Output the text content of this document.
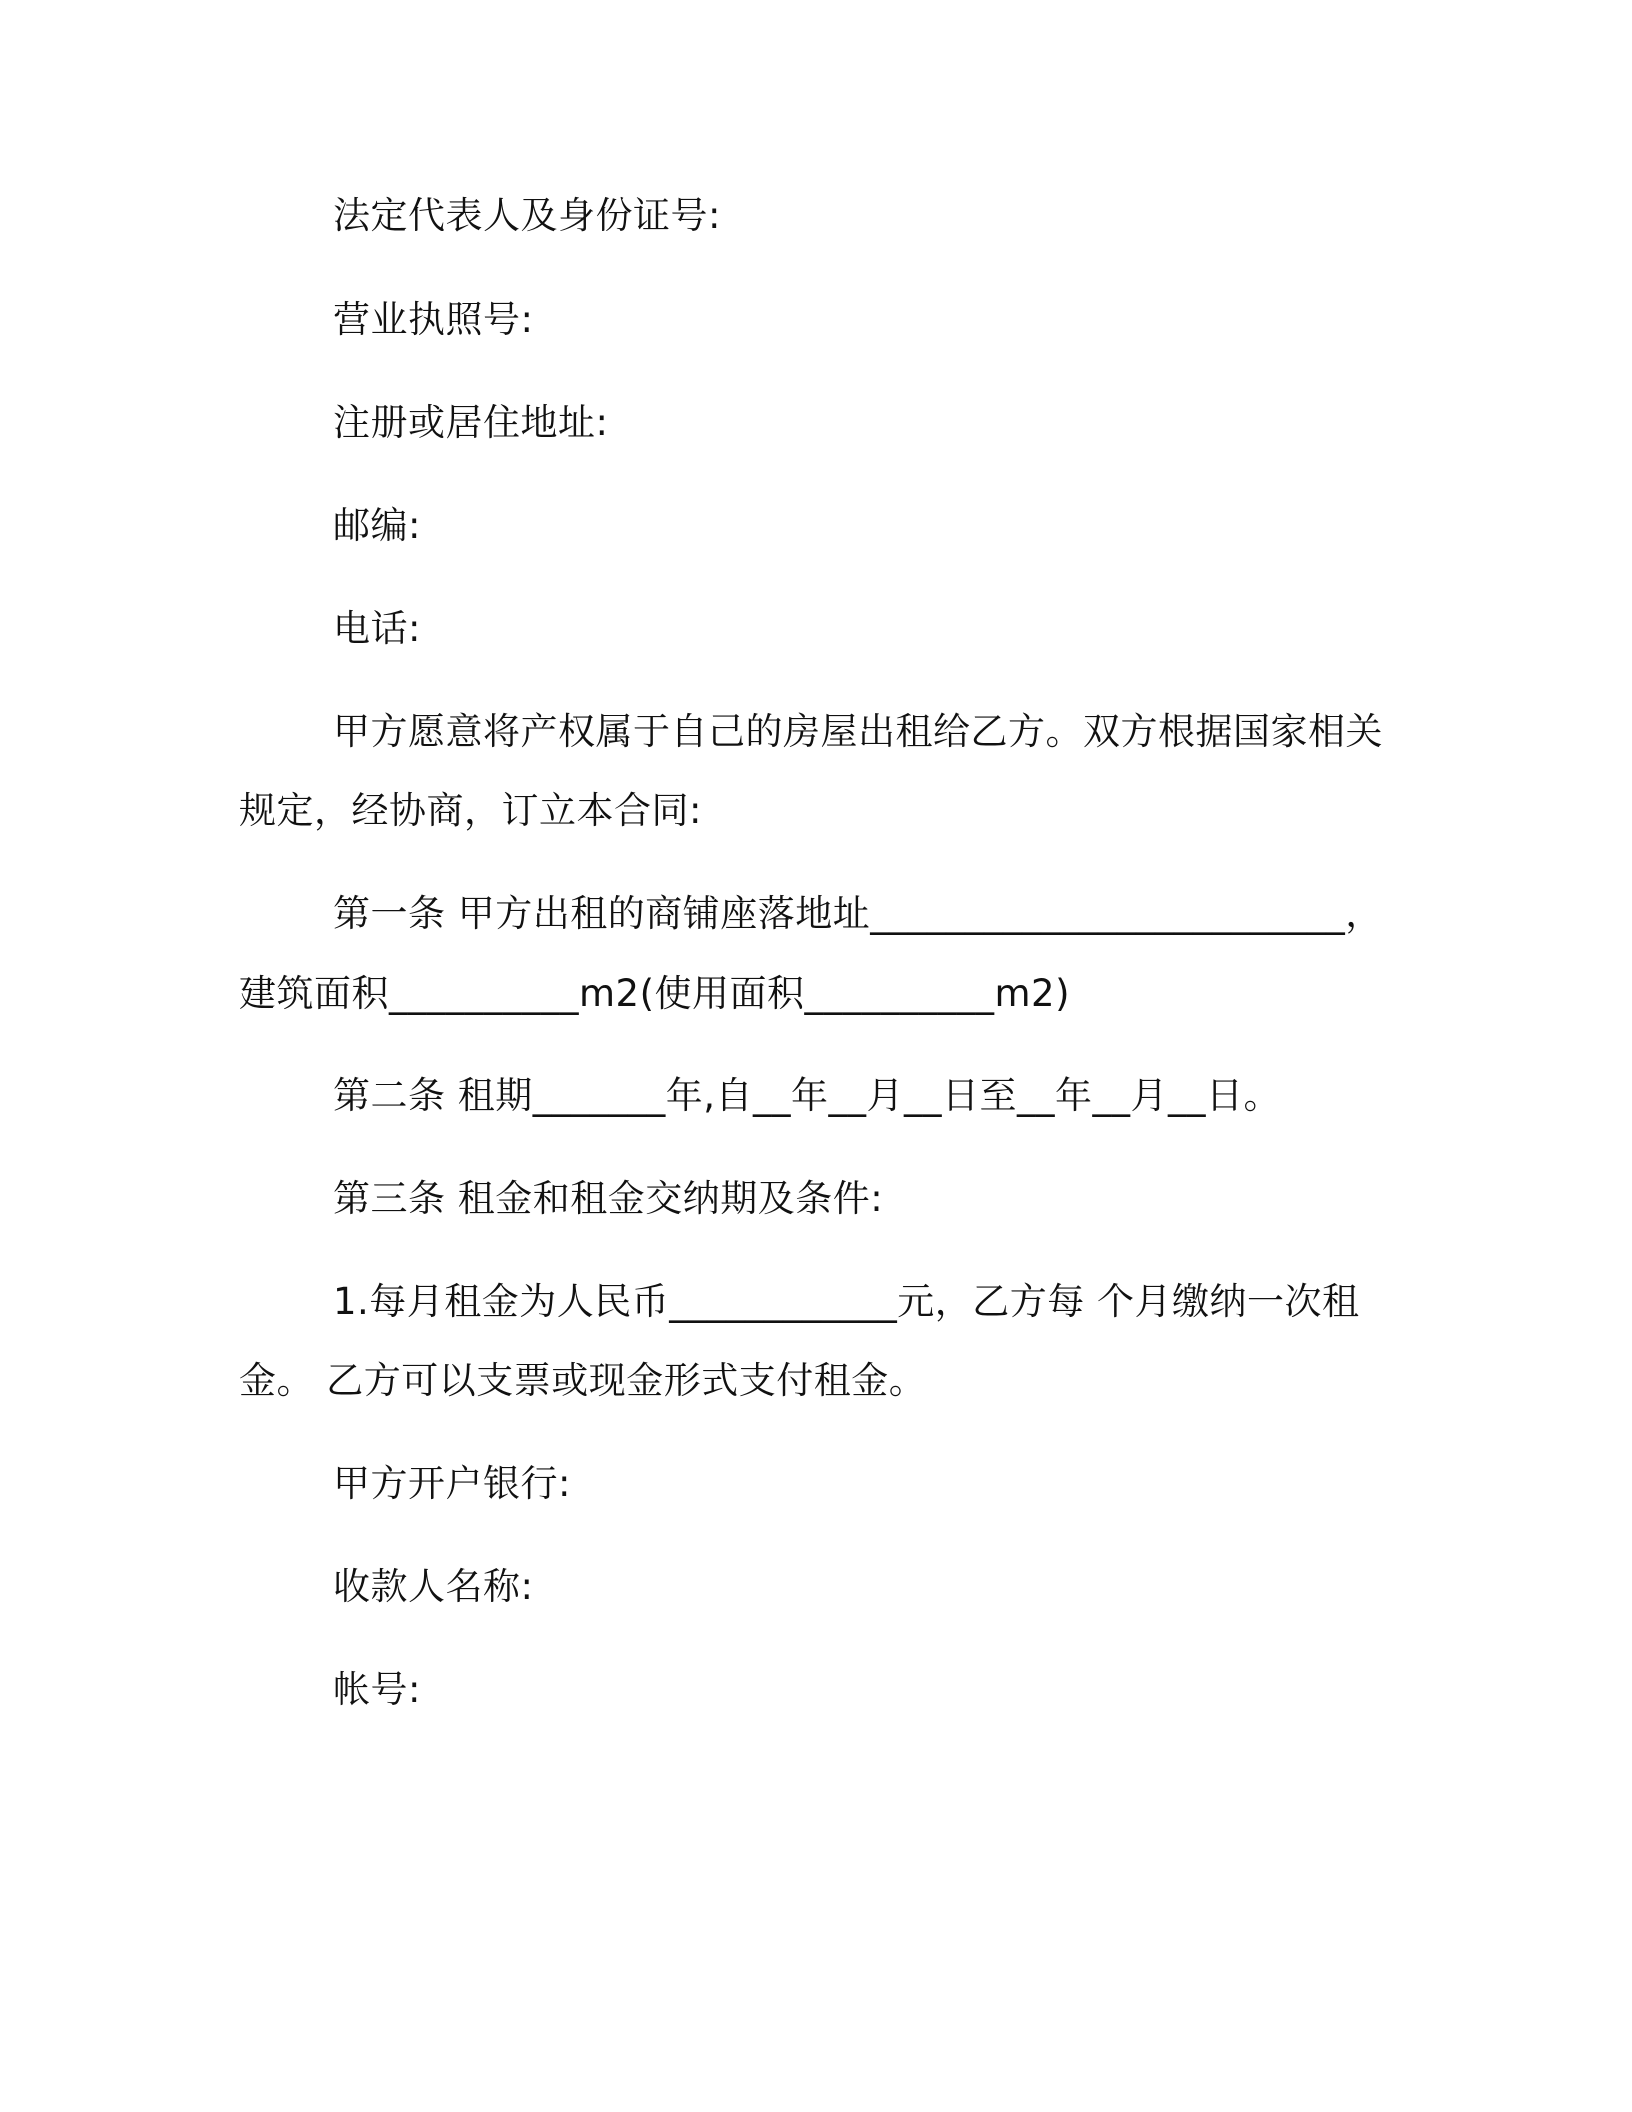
法定代表人及身份证号:
营业执照号:
注册或居住地址:
邮编:
电话:
甲方愿意将产权属于自己的房屋出租给乙方。双方根据国家相关
规定，经协商，订立本合同:
第一条 甲方出租的商铺座落地址_________________________，
建筑面积__________m2(使用面积__________m2)
第二条 租期_______年,自__年__月__日至__年__月__日。
第三条 租金和租金交纳期及条件:
1.每月租金为人民币____________元，乙方每 个月缴纳一次租
金。 乙方可以支票或现金形式支付租金。
甲方开户银行:
收款人名称:
帐号:
